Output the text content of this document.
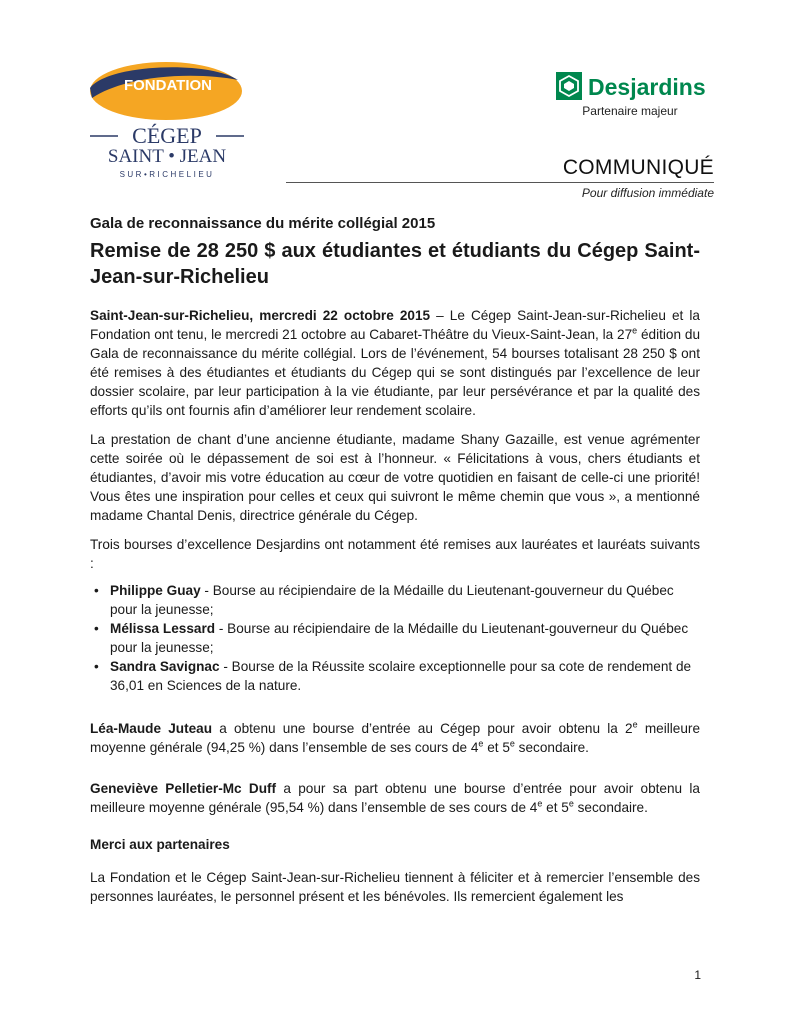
FONDATION
CÉGEP
SAINT • JEAN
SUR•RICHELIEU
Desjardins
Partenaire majeur
COMMUNIQUÉ
Pour diffusion immédiate
Gala de reconnaissance du mérite collégial 2015
Remise de 28 250 $ aux étudiantes et étudiants du Cégep Saint-Jean-sur-Richelieu

Saint-Jean-sur-Richelieu, mercredi 22 octobre 2015 – Le Cégep Saint-Jean-sur-Richelieu et la Fondation ont tenu, le mercredi 21 octobre au Cabaret-Théâtre du Vieux-Saint-Jean, la 27e édition du Gala de reconnaissance du mérite collégial. Lors de l’événement, 54 bourses totalisant 28 250 $ ont été remises à des étudiantes et étudiants du Cégep qui se sont distingués par l’excellence de leur dossier scolaire, par leur participation à la vie étudiante, par leur persévérance et par la qualité des efforts qu’ils ont fournis afin d’améliorer leur rendement scolaire.

La prestation de chant d’une ancienne étudiante, madame Shany Gazaille, est venue agrémenter cette soirée où le dépassement de soi est à l’honneur. « Félicitations à vous, chers étudiants et étudiantes, d’avoir mis votre éducation au cœur de votre quotidien en faisant de celle-ci une priorité! Vous êtes une inspiration pour celles et ceux qui suivront le même chemin que vous », a mentionné madame Chantal Denis, directrice générale du Cégep.

Trois bourses d’excellence Desjardins ont notamment été remises aux lauréates et lauréats suivants :

• Philippe Guay - Bourse au récipiendaire de la Médaille du Lieutenant-gouverneur du Québec pour la jeunesse;
• Mélissa Lessard - Bourse au récipiendaire de la Médaille du Lieutenant-gouverneur du Québec pour la jeunesse;
• Sandra Savignac - Bourse de la Réussite scolaire exceptionnelle pour sa cote de rendement de 36,01 en Sciences de la nature.

Léa-Maude Juteau a obtenu une bourse d’entrée au Cégep pour avoir obtenu la 2e meilleure moyenne générale (94,25 %) dans l’ensemble de ses cours de 4e et 5e secondaire.

Geneviève Pelletier-Mc Duff a pour sa part obtenu une bourse d’entrée pour avoir obtenu la meilleure moyenne générale (95,54 %) dans l’ensemble de ses cours de 4e et 5e secondaire.

Merci aux partenaires

La Fondation et le Cégep Saint-Jean-sur-Richelieu tiennent à féliciter et à remercier l’ensemble des personnes lauréates, le personnel présent et les bénévoles. Ils remercient également les

1
